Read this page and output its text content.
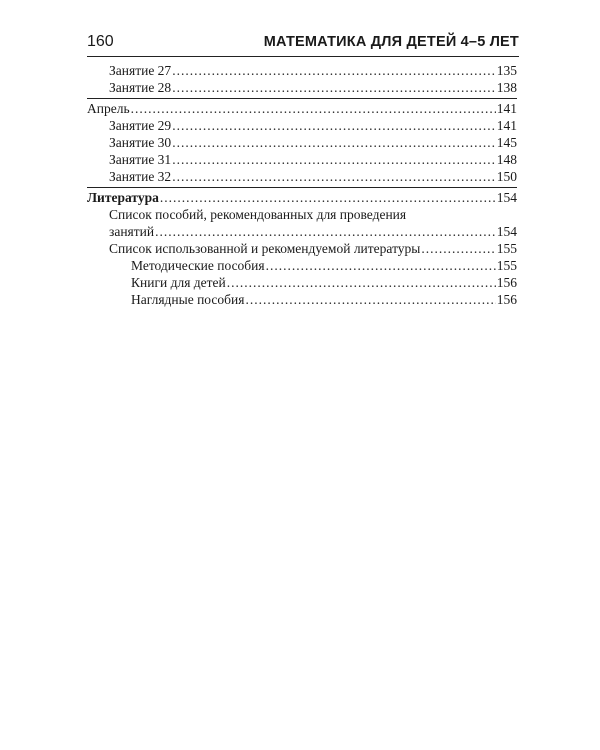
160	МАТЕМАТИКА ДЛЯ ДЕТЕЙ 4–5 ЛЕТ
Занятие 27 .....	135
Занятие 28 .....	138
Апрель .....	141
Занятие 29 .....	141
Занятие 30 .....	145
Занятие 31 .....	148
Занятие 32 .....	150
Литература .....	154
Список пособий, рекомендованных для проведения
занятий .....	154
Список использованной и рекомендуемой литературы .....	155
Методические пособия .....	155
Книги для детей .....	156
Наглядные пособия .....	156
